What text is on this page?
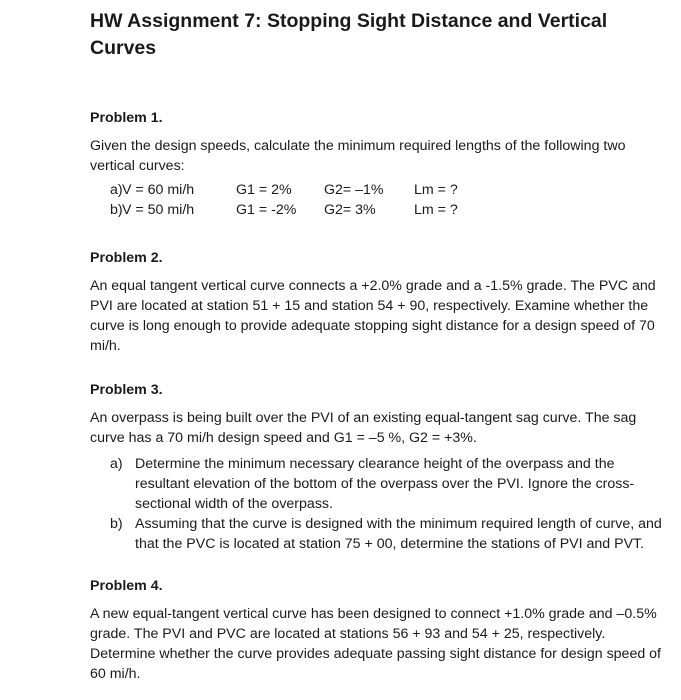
HW Assignment 7: Stopping Sight Distance and Vertical Curves
Problem 1.

Given the design speeds, calculate the minimum required lengths of the following two vertical curves:

a) V = 60 mi/h	G1 = 2%	G2= –1%	Lm = ?
b) V = 50 mi/h	G1 = -2%	G2= 3%	Lm = ?
Problem 2.

An equal tangent vertical curve connects a +2.0% grade and a -1.5% grade. The PVC and PVI are located at station 51 + 15 and station 54 + 90, respectively. Examine whether the curve is long enough to provide adequate stopping sight distance for a design speed of 70 mi/h.

Problem 3.

An overpass is being built over the PVI of an existing equal-tangent sag curve. The sag curve has a 70 mi/h design speed and G1 = –5 %, G2 = +3%.

a) Determine the minimum necessary clearance height of the overpass and the resultant elevation of the bottom of the overpass over the PVI. Ignore the cross-sectional width of the overpass.
b) Assuming that the curve is designed with the minimum required length of curve, and that the PVC is located at station 75 + 00, determine the stations of PVI and PVT.
Problem 4.

A new equal-tangent vertical curve has been designed to connect +1.0% grade and –0.5% grade. The PVI and PVC are located at stations 56 + 93 and 54 + 25, respectively. Determine whether the curve provides adequate passing sight distance for design speed of 60 mi/h.
